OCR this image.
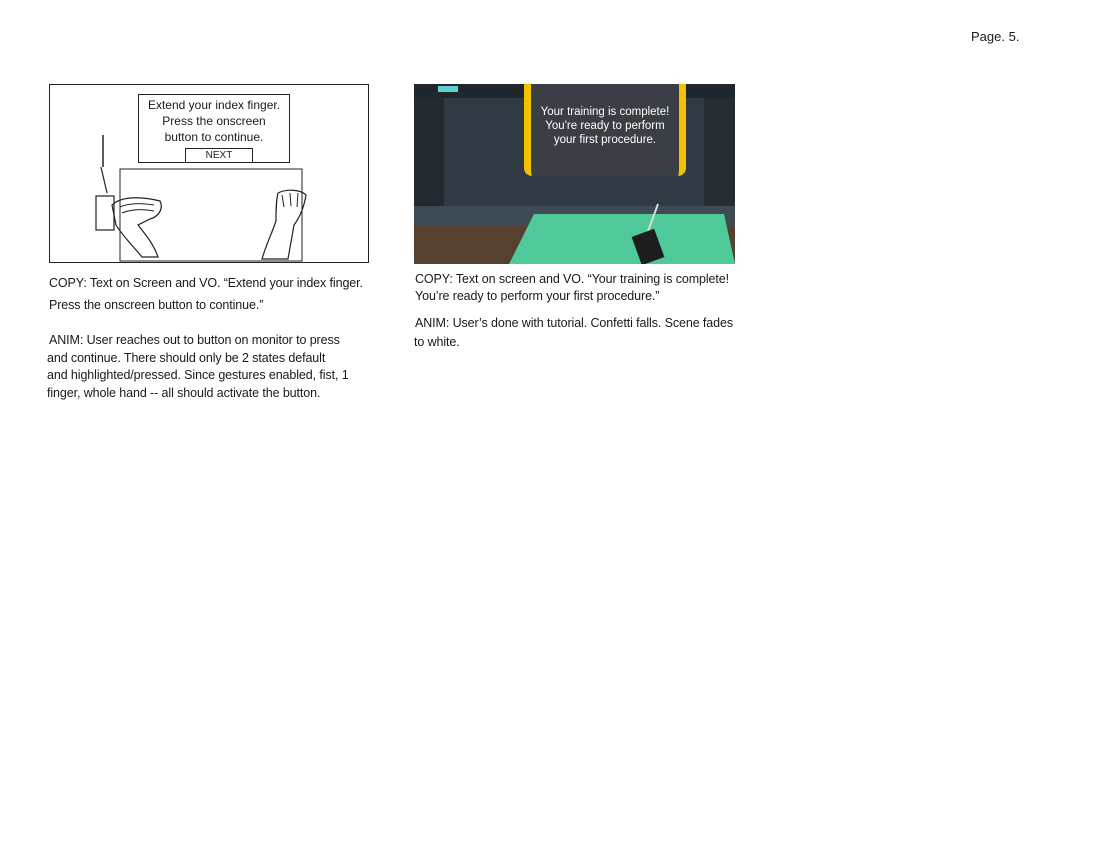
Page. 5.
Extend your index finger.
Press the onscreen
button to continue.
NEXT
Your training is complete!
You're ready to perform
your first procedure.
COPY: Text on Screen and VO. “Extend your index finger.
Press the onscreen button to continue.”
ANIM: User reaches out to button on monitor to press
and continue. There should only be 2 states default
and highlighted/pressed. Since gestures enabled, fist, 1
finger, whole hand -- all should activate the button.
COPY: Text on screen and VO. “Your training is complete!
You’re ready to perform your first procedure.”
ANIM: User’s done with tutorial. Confetti falls. Scene fades
to white.
